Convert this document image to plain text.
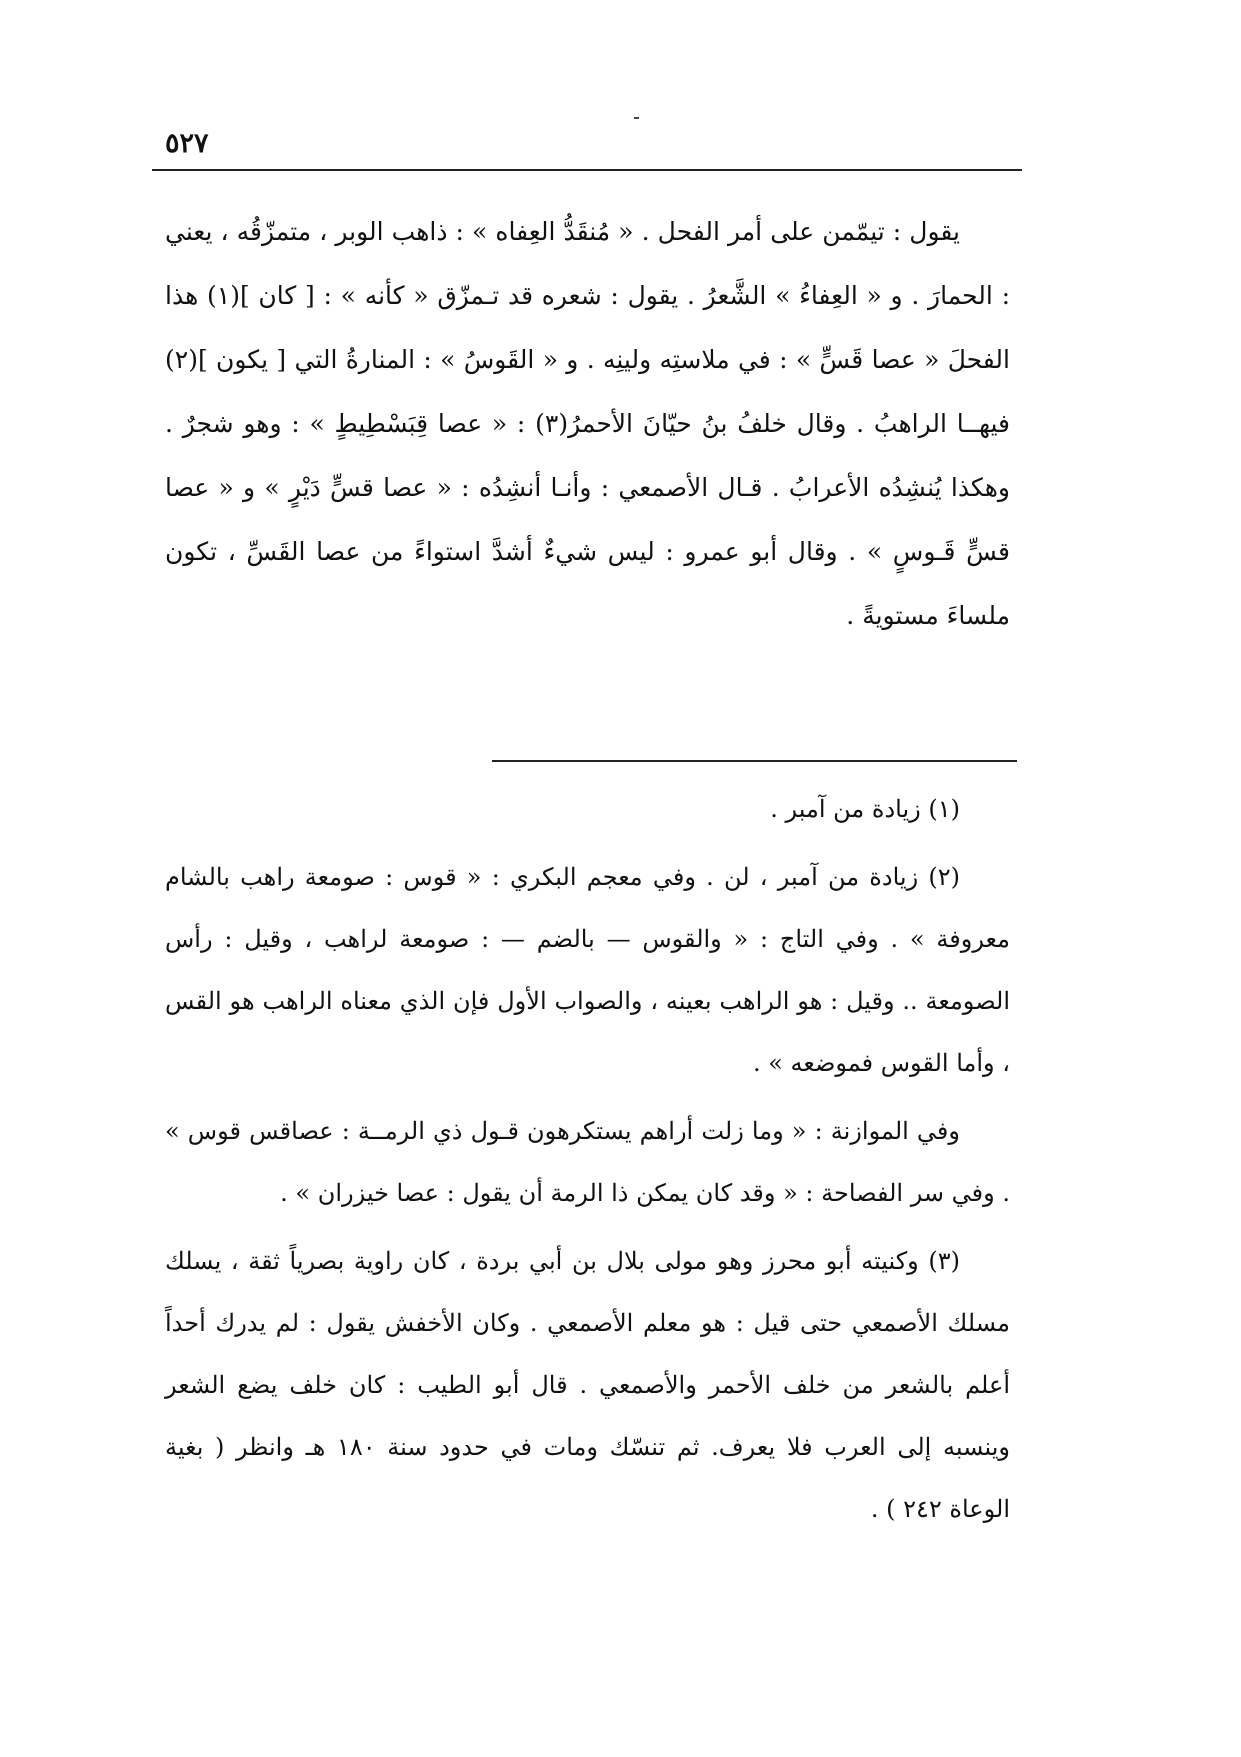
٥٢٧

يقول : تيمّمن على أمر الفحل . « مُنقَدُّ العِفاه » : ذاهب الوبر ، متمزّقُه ، يعني : الحمارَ . و « العِفاءُ » الشَّعرُ . يقول : شعره قد تـمزّق « كأنه » : [ كان ](١) هذا الفحلَ « عصا قَسٍّ » : في ملاستِه ولينِه . و « القَوسُ » : المنارةُ التي [ يكون ](٢) فيهــا الراهبُ . وقال خلفُ بنُ حيّانَ الأحمرُ(٣) : « عصا قِبَسْطِيطٍ » : وهو شجرٌ . وهكذا يُنشِدُه الأعرابُ . قـال الأصمعي : وأنـا أنشِدُه : « عصا قسٍّ دَيْرٍ » و « عصا قسٍّ قَـوسٍ » . وقال أبو عمرو : ليس شيءٌ أشدَّ استواءً من عصا القَسِّ ، تكون ملساءَ مستويةً .

(١) زيادة من آمبر .

(٢) زيادة من آمبر ، لن . وفي معجم البكري : « قوس : صومعة راهب بالشام معروفة » . وفي التاج : « والقوس — بالضم — : صومعة لراهب ، وقيل : رأس الصومعة .. وقيل : هو الراهب بعينه ، والصواب الأول فإن الذي معناه الراهب هو القس ، وأما القوس فموضعه » .

وفي الموازنة : « وما زلت أراهم يستكرهون قـول ذي الرمــة : عصاقس قوس » . وفي سر الفصاحة : « وقد كان يمكن ذا الرمة أن يقول : عصا خيزران » .

(٣) وكنيته أبو محرز وهو مولى بلال بن أبي بردة ، كان راوية بصرياً ثقة ، يسلك مسلك الأصمعي حتى قيل : هو معلم الأصمعي . وكان الأخفش يقول : لم يدرك أحداً أعلم بالشعر من خلف الأحمر والأصمعي . قال أبو الطيب : كان خلف يضع الشعر وينسبه إلى العرب فلا يعرف. ثم تنسّك ومات في حدود سنة ١٨٠ هـ وانظر ( بغية الوعاة ٢٤٢ ) .
